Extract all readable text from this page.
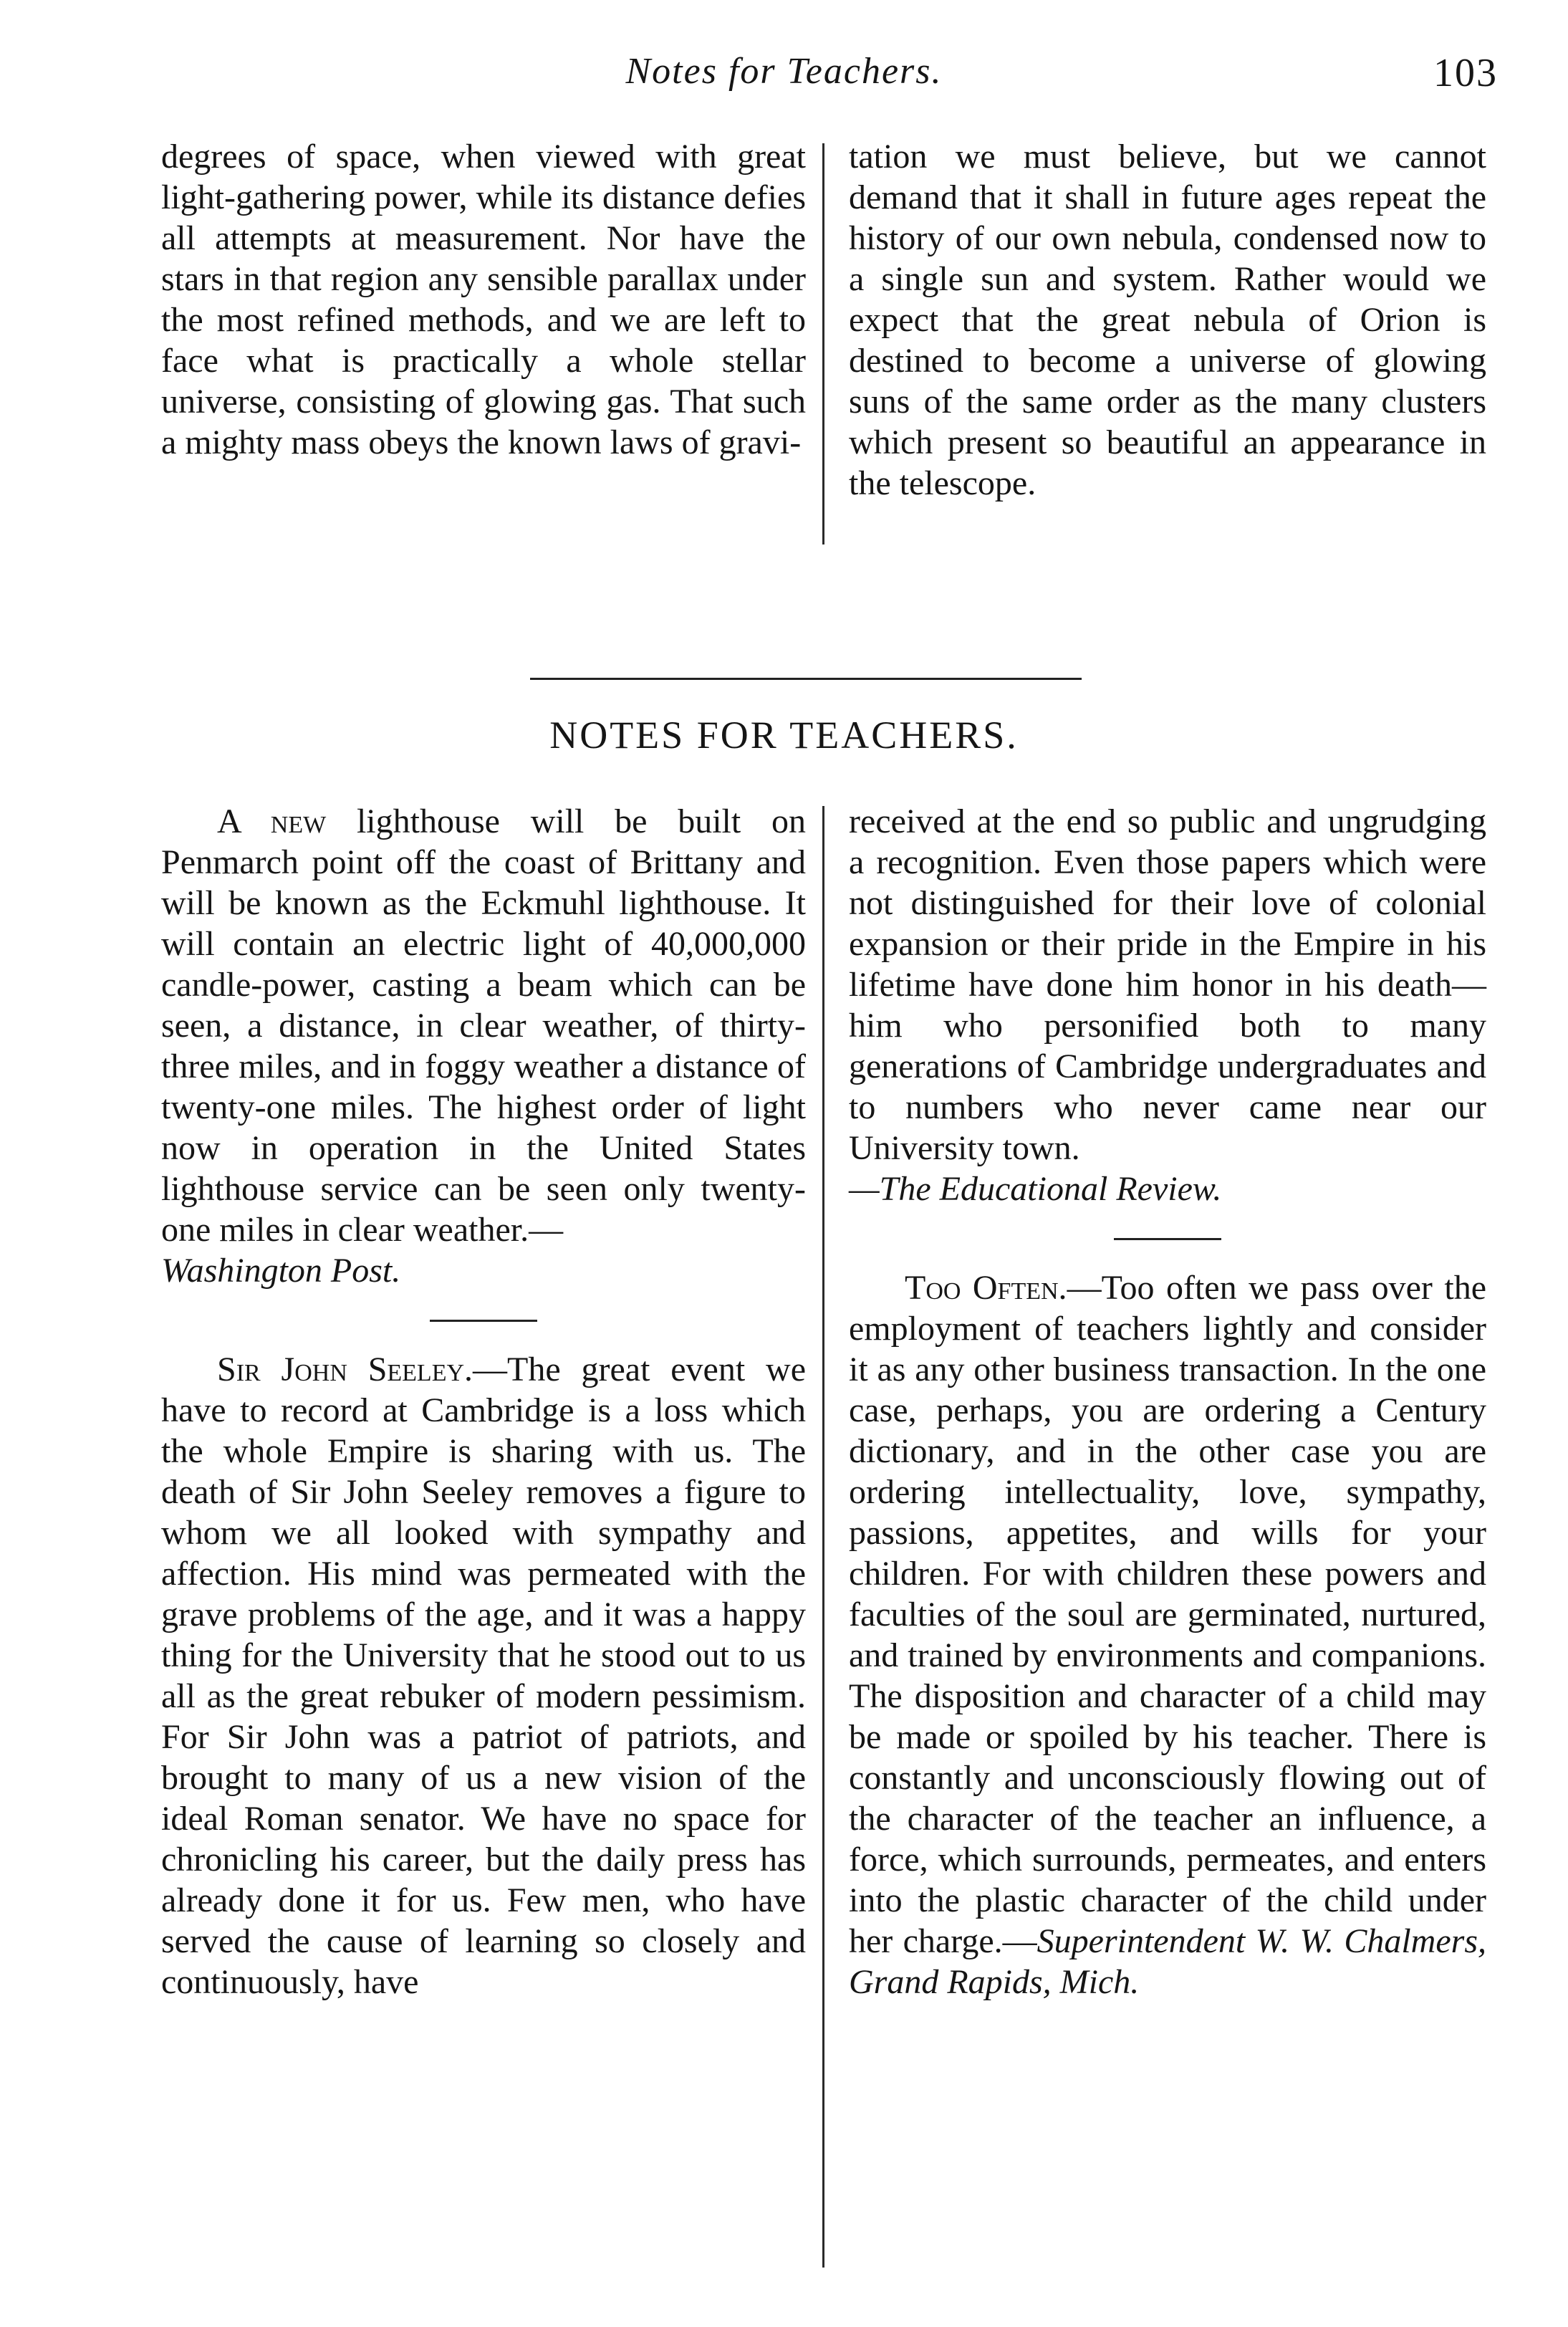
Notes for Teachers.	103

degrees of space, when viewed with great light-gathering power, while its distance defies all attempts at measurement. Nor have the stars in that region any sensible parallax under the most refined methods, and we are left to face what is practically a whole stellar universe, consisting of glowing gas. That such a mighty mass obeys the known laws of gravi-

tation we must believe, but we cannot demand that it shall in future ages repeat the history of our own nebula, condensed now to a single sun and system. Rather would we expect that the great nebula of Orion is destined to become a universe of glowing suns of the same order as the many clusters which present so beautiful an appearance in the telescope.

NOTES FOR TEACHERS.

A new lighthouse will be built on Penmarch point off the coast of Brittany and will be known as the Eckmuhl lighthouse. It will contain an electric light of 40,000,000 candle-power, casting a beam which can be seen, a distance, in clear weather, of thirty-three miles, and in foggy weather a distance of twenty-one miles. The highest order of light now in operation in the United States lighthouse service can be seen only twenty-one miles in clear weather.—
Washington Post.

Sir John Seeley.—The great event we have to record at Cambridge is a loss which the whole Empire is sharing with us. The death of Sir John Seeley removes a figure to whom we all looked with sympathy and affection. His mind was permeated with the grave problems of the age, and it was a happy thing for the University that he stood out to us all as the great rebuker of modern pessimism. For Sir John was a patriot of patriots, and brought to many of us a new vision of the ideal Roman senator. We have no space for chronicling his career, but the daily press has already done it for us. Few men, who have served the cause of learning so closely and continuously, have

received at the end so public and ungrudging a recognition. Even those papers which were not distinguished for their love of colonial expansion or their pride in the Empire in his lifetime have done him honor in his death—him who personified both to many generations of Cambridge undergraduates and to numbers who never came near our University town.
—The Educational Review.

Too Often.—Too often we pass over the employment of teachers lightly and consider it as any other business transaction. In the one case, perhaps, you are ordering a Century dictionary, and in the other case you are ordering intellectuality, love, sympathy, passions, appetites, and wills for your children. For with children these powers and faculties of the soul are germinated, nurtured, and trained by environments and companions. The disposition and character of a child may be made or spoiled by his teacher. There is constantly and unconsciously flowing out of the character of the teacher an influence, a force, which surrounds, permeates, and enters into the plastic character of the child under her charge.—Superintendent W. W. Chalmers, Grand Rapids, Mich.
